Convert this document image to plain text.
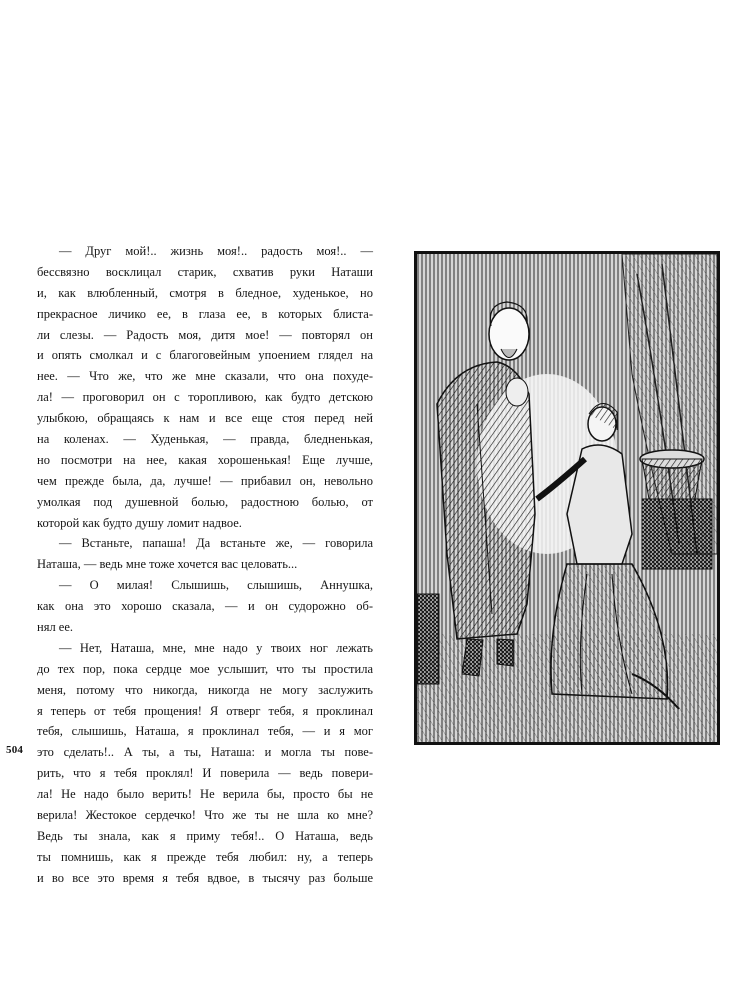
— Друг мой!.. жизнь моя!.. радость моя!.. —
бессвязно восклицал старик, схватив руки Наташи
и, как влюбленный, смотря в бледное, худенькое, но
прекрасное личико ее, в глаза ее, в которых блиста-
ли слезы. — Радость моя, дитя мое! — повторял он
и опять смолкал и с благоговейным упоением глядел на
нее. — Что же, что же мне сказали, что она похуде-
ла! — проговорил он с торопливою, как будто детскою
улыбкою, обращаясь к нам и все еще стоя перед ней
на коленах. — Худенькая, — правда, бледненькая,
но посмотри на нее, какая хорошенькая! Еще лучше,
чем прежде была, да, лучше! — прибавил он, невольно
умолкая под душевной болью, радостною болью, от
которой как будто душу ломит надвое.
— Встаньте, папаша! Да встаньте же, — говорила
Наташа, — ведь мне тоже хочется вас целовать...
— О милая! Слышишь, слышишь, Аннушка,
как она это хорошо сказала, — и он судорожно об-
нял ее.
— Нет, Наташа, мне, мне надо у твоих ног лежать
до тех пор, пока сердце мое услышит, что ты простила
меня, потому что никогда, никогда не могу заслужить
я теперь от тебя прощения! Я отверг тебя, я проклинал
тебя, слышишь, Наташа, я проклинал тебя, — и я мог
это сделать!.. А ты, а ты, Наташа: и могла ты пове-
рить, что я тебя проклял! И поверила — ведь повери-
ла! Не надо было верить! Не верила бы, просто бы не
верила! Жестокое сердечко! Что же ты не шла ко мне?
Ведь ты знала, как я приму тебя!.. О Наташа, ведь
ты помнишь, как я прежде тебя любил: ну, а теперь
и во все это время я тебя вдвое, в тысячу раз больше
504
